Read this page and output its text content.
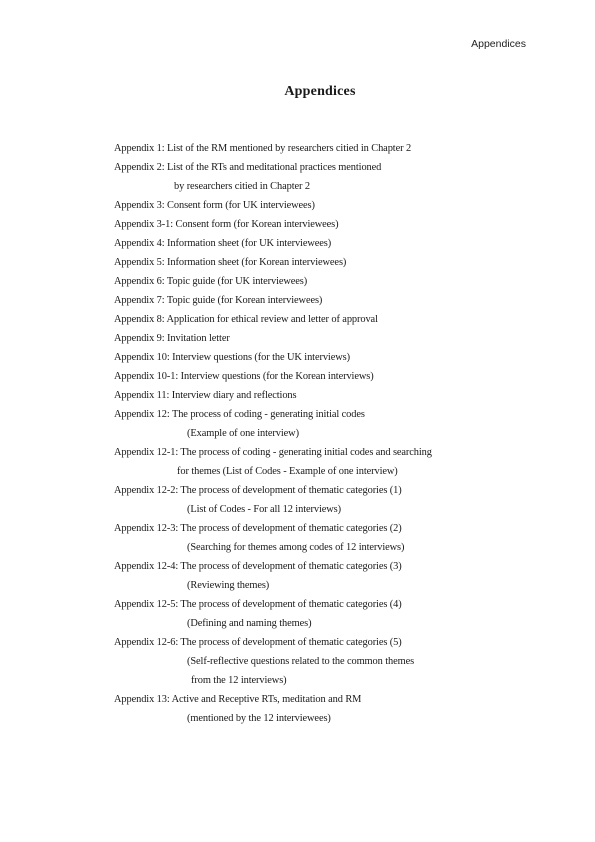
Appendices
Appendices
Appendix 1: List of the RM mentioned by researchers citied in Chapter 2
Appendix 2: List of the RTs and meditational practices mentioned
by researchers citied in Chapter 2
Appendix 3: Consent form (for UK interviewees)
Appendix 3-1: Consent form (for Korean interviewees)
Appendix 4: Information sheet (for UK interviewees)
Appendix 5: Information sheet (for Korean interviewees)
Appendix 6: Topic guide (for UK interviewees)
Appendix 7: Topic guide (for Korean interviewees)
Appendix 8: Application for ethical review and letter of approval
Appendix 9: Invitation letter
Appendix 10: Interview questions (for the UK interviews)
Appendix 10-1: Interview questions (for the Korean interviews)
Appendix 11: Interview diary and reflections
Appendix 12: The process of coding - generating initial codes
(Example of one interview)
Appendix 12-1: The process of coding - generating initial codes and searching
for themes (List of Codes - Example of one interview)
Appendix 12-2: The process of development of thematic categories (1)
(List of Codes - For all 12 interviews)
Appendix 12-3: The process of development of thematic categories (2)
(Searching for themes among codes of 12 interviews)
Appendix 12-4: The process of development of thematic categories (3)
(Reviewing themes)
Appendix 12-5: The process of development of thematic categories (4)
(Defining and naming themes)
Appendix 12-6: The process of development of thematic categories (5)
(Self-reflective questions related to the common themes
from the 12 interviews)
Appendix 13: Active and Receptive RTs, meditation and RM
(mentioned by the 12 interviewees)
